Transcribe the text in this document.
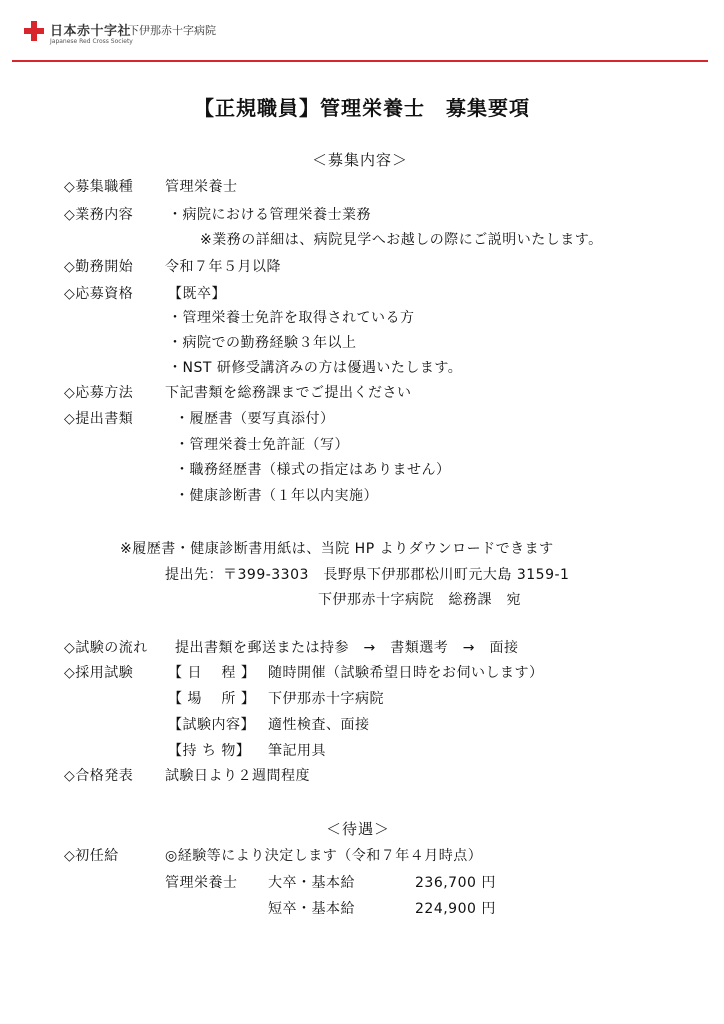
日本赤十字社
Japanese Red Cross Society
下伊那赤十字病院
【正規職員】管理栄養士　募集要項
＜募集内容＞
◇募集職種 管理栄養士
◇業務内容 ・病院における管理栄養士業務
※業務の詳細は、病院見学へお越しの際にご説明いたします。
◇勤務開始 令和７年５月以降
◇応募資格 【既卒】
・管理栄養士免許を取得されている方
・病院での勤務経験３年以上
・NST 研修受講済みの方は優遇いたします。
◇応募方法 下記書類を総務課までご提出ください
◇提出書類	・履歴書（要写真添付）
・管理栄養士免許証（写）
・職務経歴書（様式の指定はありません）
・健康診断書（１年以内実施）
※履歴書・健康診断書用紙は、当院 HP よりダウンロードできます
提出先：〒399-3303　長野県下伊那郡松川町元大島 3159-1
下伊那赤十字病院　総務課　宛
◇試験の流れ 提出書類を郵送または持参　→　書類選考　→　面接
◇採用試験 【 日　 程 】 随時開催（試験希望日時をお伺いします）
【 場　 所 】 下伊那赤十字病院
【試験内容】 適性検査、面接
【持 ち 物】 筆記用具
◇合格発表 試験日より２週間程度
＜待遇＞
◇初任給	◎経験等により決定します（令和７年４月時点）
管理栄養士 大卒・基本給	236,700 円
短卒・基本給	224,900 円
